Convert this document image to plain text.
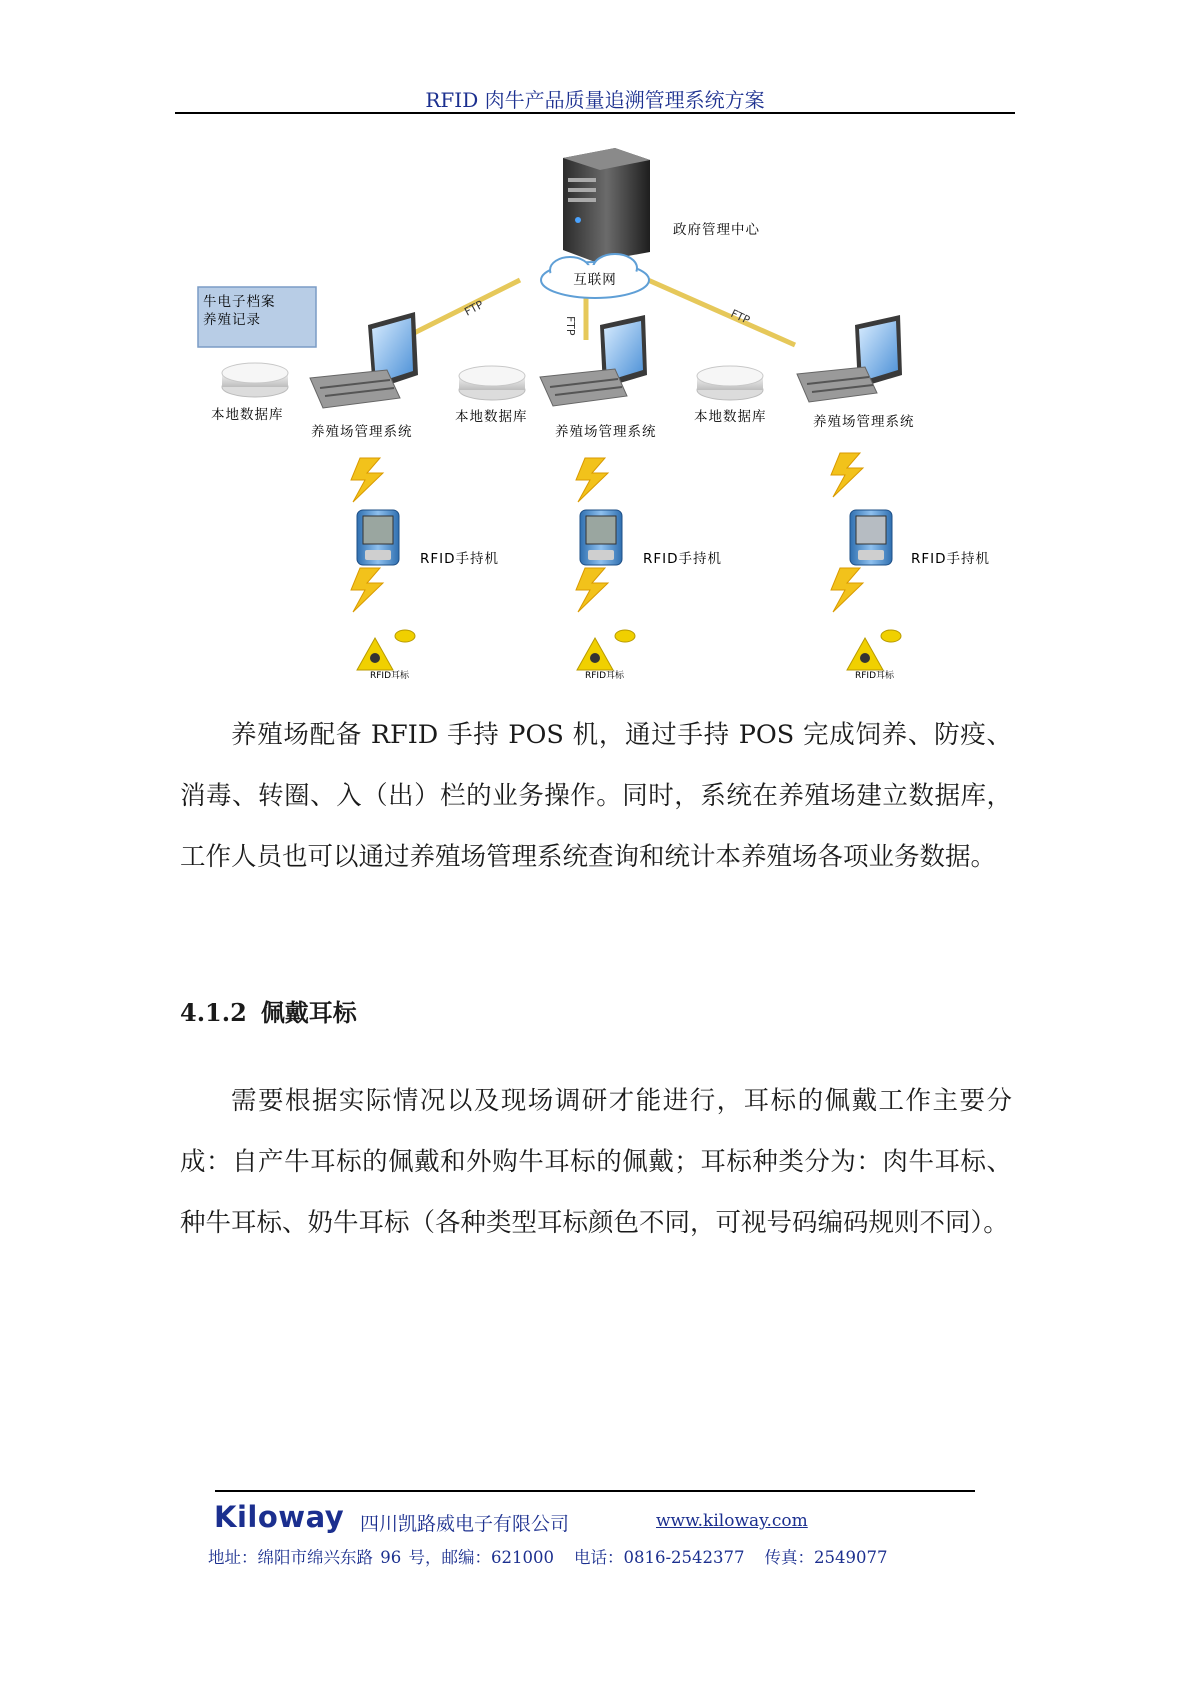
RFID 肉牛产品质量追溯管理系统方案
FTP
FTP	FTP
政府管理中心
互联网
牛电子档案
养殖记录
本地数据库
养殖场管理系统
本地数据库
养殖场管理系统
本地数据库	养殖场管理系统
RFID手持机	RFID手持机	RFID手持机
RFID耳标	RFID耳标	RFID耳标
养殖场配备 RFID 手持 POS 机，通过手持 POS 完成饲养、防疫、消毒、转圈、入（出）栏的业务操作。同时，系统在养殖场建立数据库，工作人员也可以通过养殖场管理系统查询和统计本养殖场各项业务数据。
4.1.2 佩戴耳标
需要根据实际情况以及现场调研才能进行，耳标的佩戴工作主要分成：自产牛耳标的佩戴和外购牛耳标的佩戴；耳标种类分为：肉牛耳标、种牛耳标、奶牛耳标（各种类型耳标颜色不同，可视号码编码规则不同）。
Kiloway 四川凯路威电子有限公司	www.kiloway.com
地址：绵阳市绵兴东路 96 号，邮编：621000 电话：0816-2542377 传真：2549077
